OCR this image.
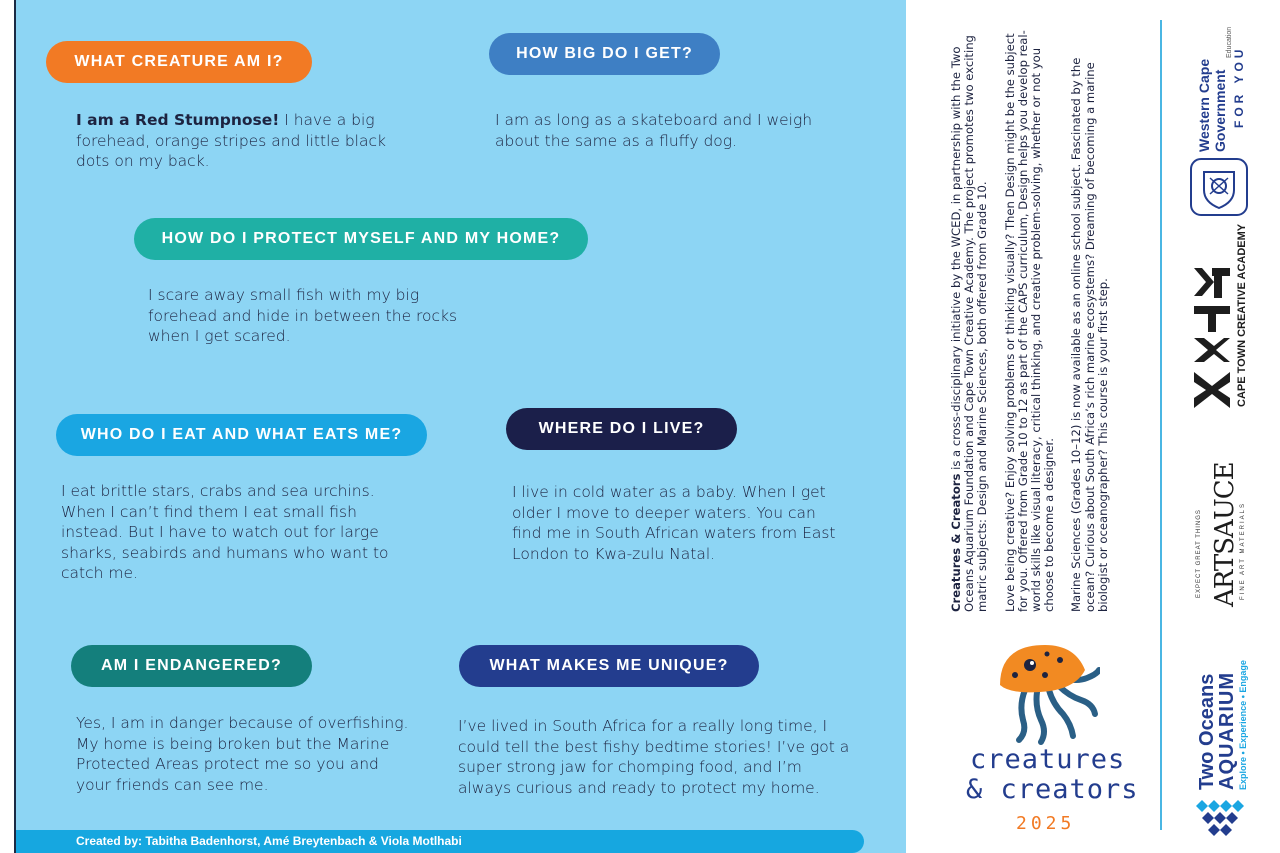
WHAT CREATURE AM I?
I am a Red Stumpnose! I have a big forehead, orange stripes and little black dots on my back.
HOW BIG DO I GET?
I am as long as a skateboard and I weigh about the same as a fluffy dog.
HOW DO I PROTECT MYSELF AND MY HOME?
I scare away small fish with my big forehead and hide in between the rocks when I get scared.
WHO DO I EAT AND WHAT EATS ME?
I eat brittle stars, crabs and sea urchins. When I can’t find them I eat small fish instead. But I have to watch out for large sharks, seabirds and humans who want to catch me.
WHERE DO I LIVE?
I live in cold water as a baby. When I get older I move to deeper waters. You can find me in South African waters from East London to Kwa-zulu Natal.
AM I ENDANGERED?
Yes, I am in danger because of overfishing. My home is being broken but the Marine Protected Areas protect me so you and your friends can see me.
WHAT MAKES ME UNIQUE?
I’ve lived in South Africa for a really long time, I could tell the best fishy bedtime stories! I’ve got a super strong jaw for chomping food, and I’m always curious and ready to protect my home.
Created by: Tabitha Badenhorst, Amé Breytenbach & Viola Motlhabi

Creatures & Creators is a cross-disciplinary initiative by the WCED, in partnership with the Two Oceans Aquarium Foundation and Cape Town Creative Academy. The project promotes two exciting matric subjects: Design and Marine Sciences, both offered from Grade 10. Love being creative? Enjoy solving problems or thinking visually? Then Design might be the subject for you. Offered from Grade 10 to 12 as part of the CAPS curriculum, Design helps you develop real-world skills like visual literacy, critical thinking, and creative problem-solving, whether or not you choose to become a designer. Marine Sciences (Grades 10–12) is now available as an online school subject. Fascinated by the ocean? Curious about South Africa’s rich marine ecosystems? Dreaming of becoming a marine biologist or oceanographer? This course is your first step.

creatures
& creators
2025
Western Cape Government FOR YOU
Education
CAPE TOWN CREATIVE ACADEMY
EXPECT GREAT THINGS ARTSAUCE FINE ART MATERIALS
Two Oceans
AQUARIUM Explore • Experience • Engage
